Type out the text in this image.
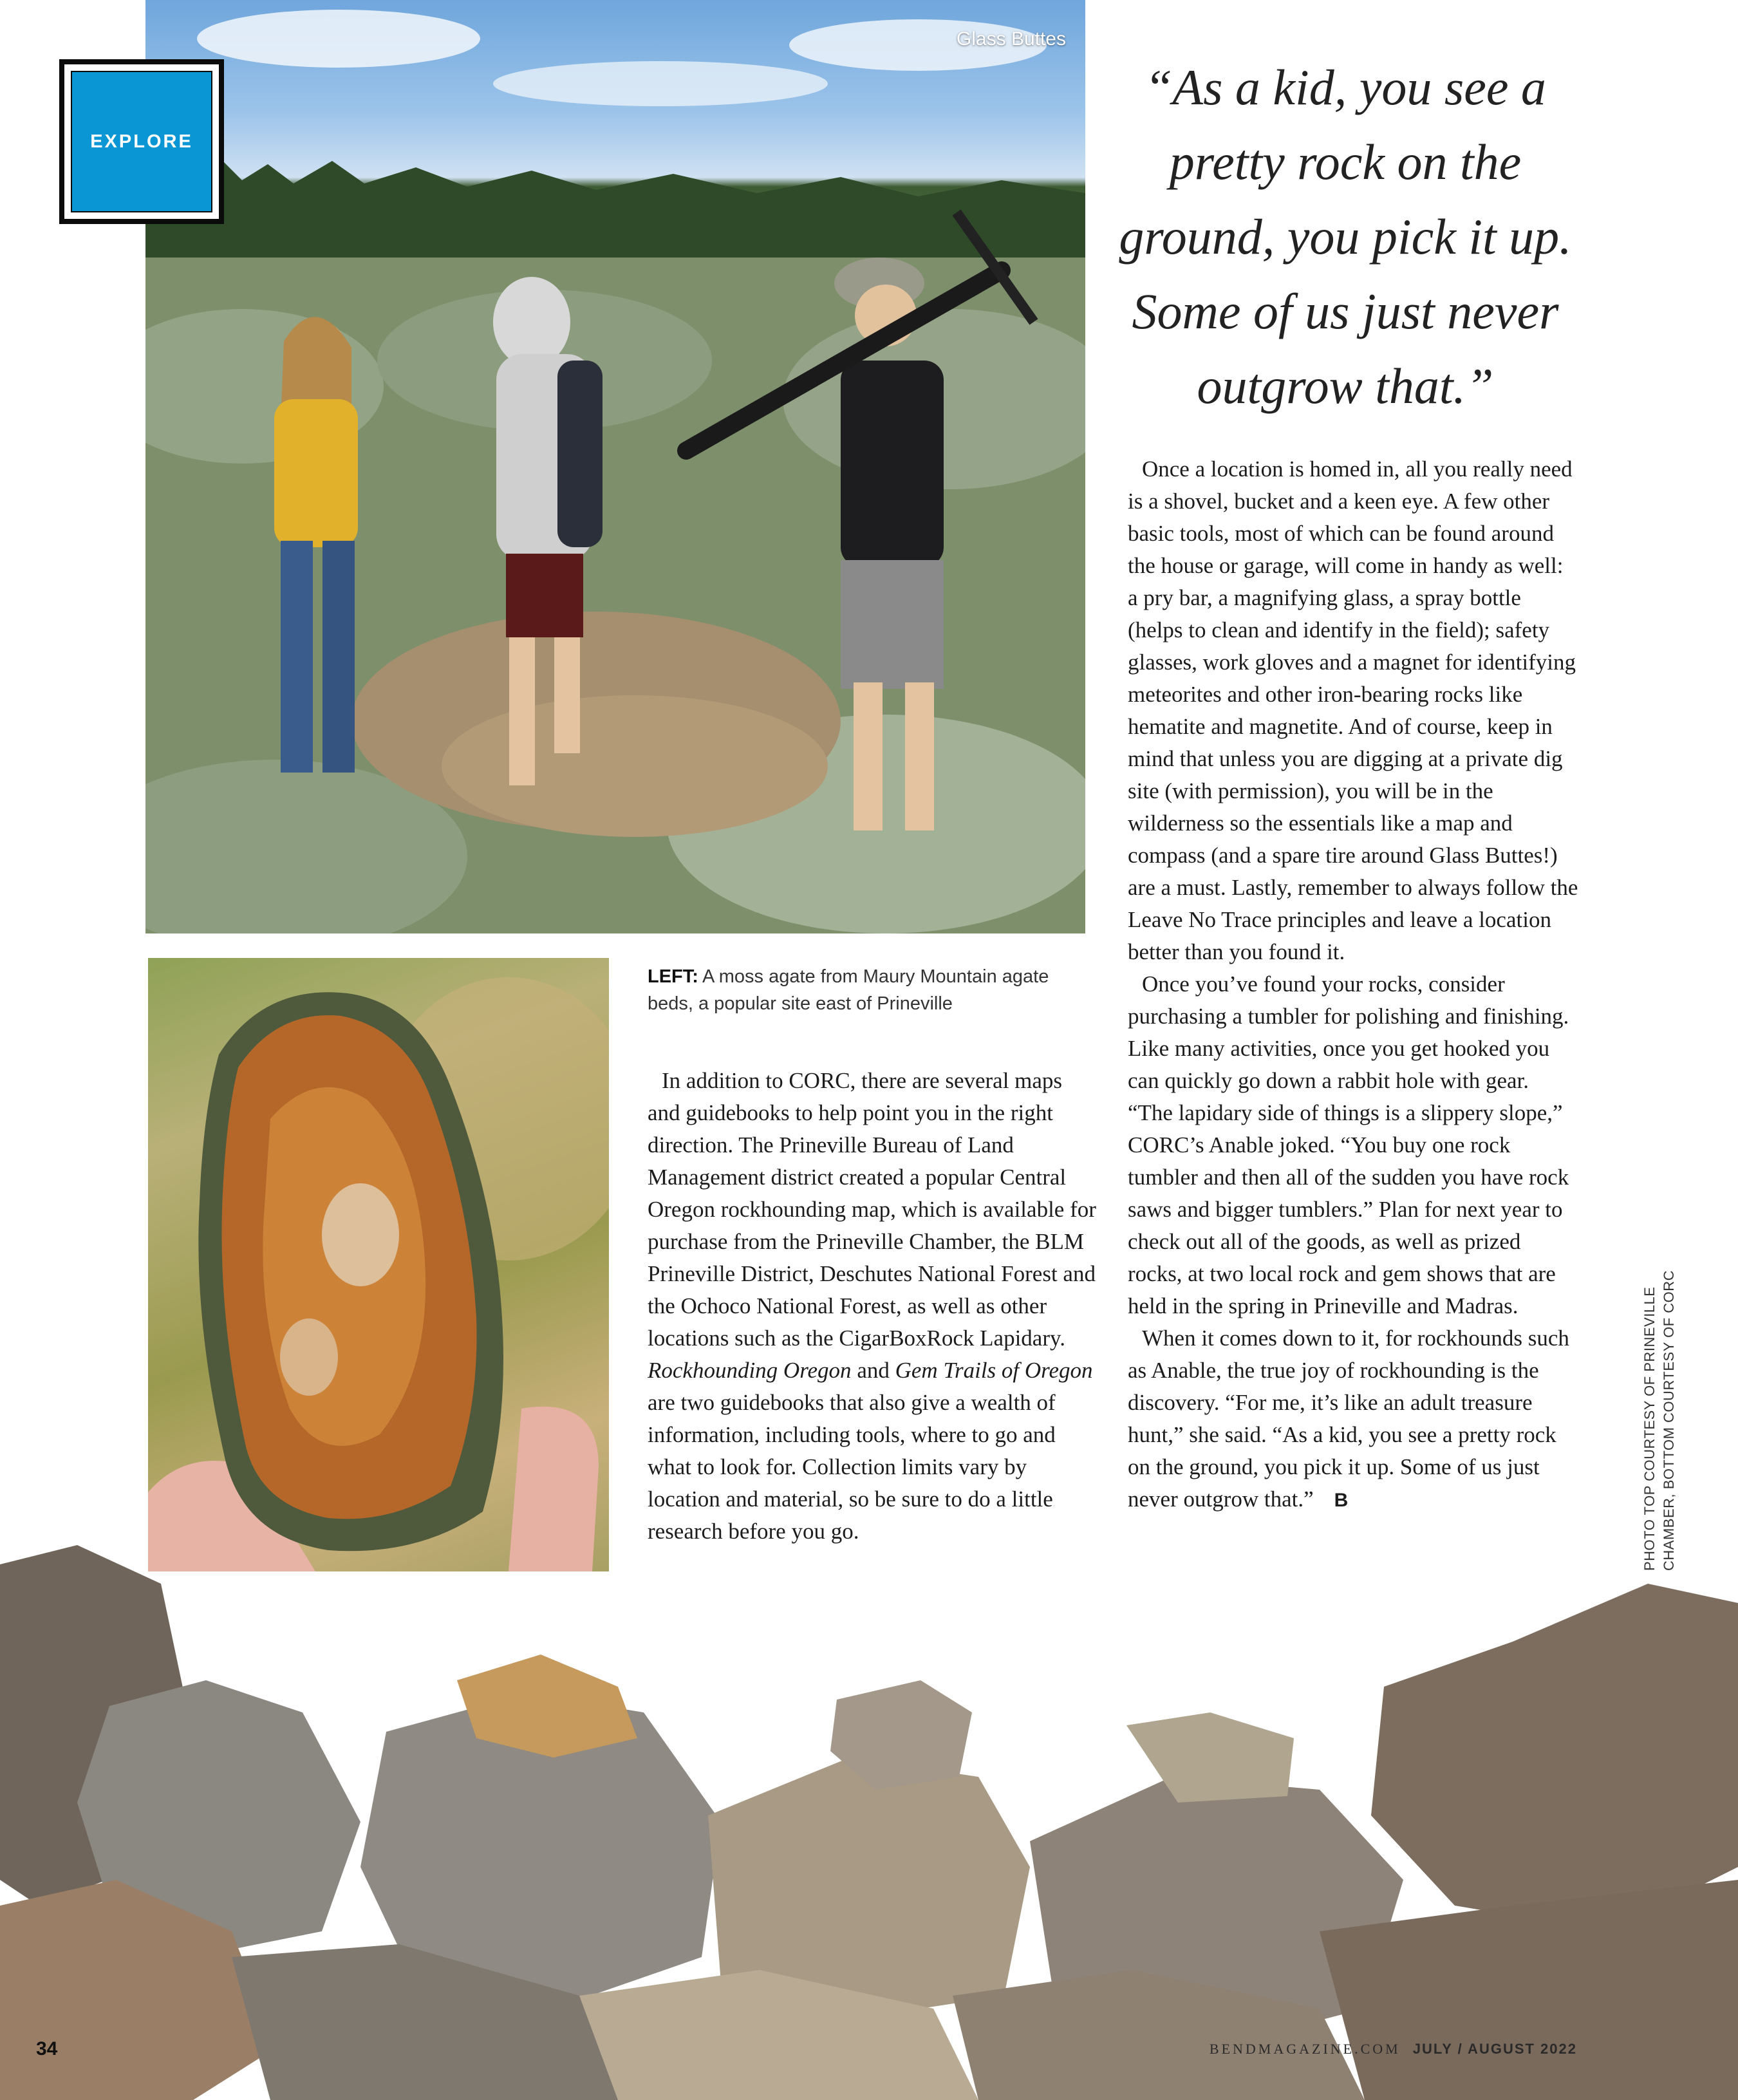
Glass Buttes
EXPLORE
“As a kid, you see a pretty rock on the ground, you pick it up. Some of us just never outgrow that.”
LEFT: A moss agate from Maury Mountain agate beds, a popular site east of Prineville

In addition to CORC, there are several maps and guidebooks to help point you in the right direction. The Prineville Bureau of Land Management district created a popular Central Oregon rockhounding map, which is available for purchase from the Prineville Chamber, the BLM Prineville District, Deschutes National Forest and the Ochoco National Forest, as well as other locations such as the CigarBoxRock Lapidary. Rockhounding Oregon and Gem Trails of Oregon are two guidebooks that also give a wealth of information, including tools, where to go and what to look for. Collection limits vary by location and material, so be sure to do a little research before you go.

Once a location is homed in, all you really need is a shovel, bucket and a keen eye. A few other basic tools, most of which can be found around the house or garage, will come in handy as well: a pry bar, a magnifying glass, a spray bottle (helps to clean and identify in the field); safety glasses, work gloves and a magnet for identifying meteorites and other iron-bearing rocks like hematite and magnetite. And of course, keep in mind that unless you are digging at a private dig site (with permission), you will be in the wilderness so the essentials like a map and compass (and a spare tire around Glass Buttes!) are a must. Lastly, remember to always follow the Leave No Trace principles and leave a location better than you found it.

Once you’ve found your rocks, consider purchasing a tumbler for polishing and finishing. Like many activities, once you get hooked you can quickly go down a rabbit hole with gear. “The lapidary side of things is a slippery slope,” CORC’s Anable joked. “You buy one rock tumbler and then all of the sudden you have rock saws and bigger tumblers.” Plan for next year to check out all of the goods, as well as prized rocks, at two local rock and gem shows that are held in the spring in Prineville and Madras.

When it comes down to it, for rockhounds such as Anable, the true joy of rockhounding is the discovery. “For me, it’s like an adult treasure hunt,” she said. “As a kid, you see a pretty rock on the ground, you pick it up. Some of us just never outgrow that.” B	PHOTO TOP COURTESY OF PRINEVILLE CHAMBER, BOTTOM COURTESY OF CORC
34	BENDMAGAZINE.COM JULY / AUGUST 2022
